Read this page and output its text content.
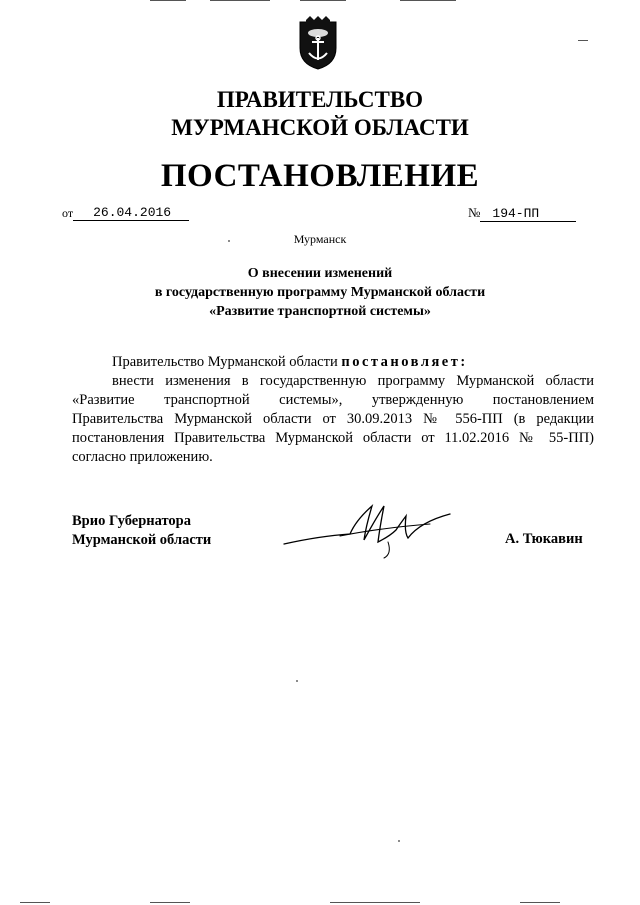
ПРАВИТЕЛЬСТВО
МУРМАНСКОЙ ОБЛАСТИ
ПОСТАНОВЛЕНИЕ
от 26.04.2016	№ 194-ПП
Мурманск
О внесении изменений
в государственную программу Мурманской области
«Развитие транспортной системы»

Правительство Мурманской области постановляет:

внести изменения в государственную программу Мурманской области

«Развитие транспортной системы», утвержденную постановлением

Правительства Мурманской области от 30.09.2013 № 556-ПП (в редакции

постановления Правительства Мурманской области от 11.02.2016 № 55-ПП)

согласно приложению.

Врио Губернатора
Мурманской области	А. Тюкавин
